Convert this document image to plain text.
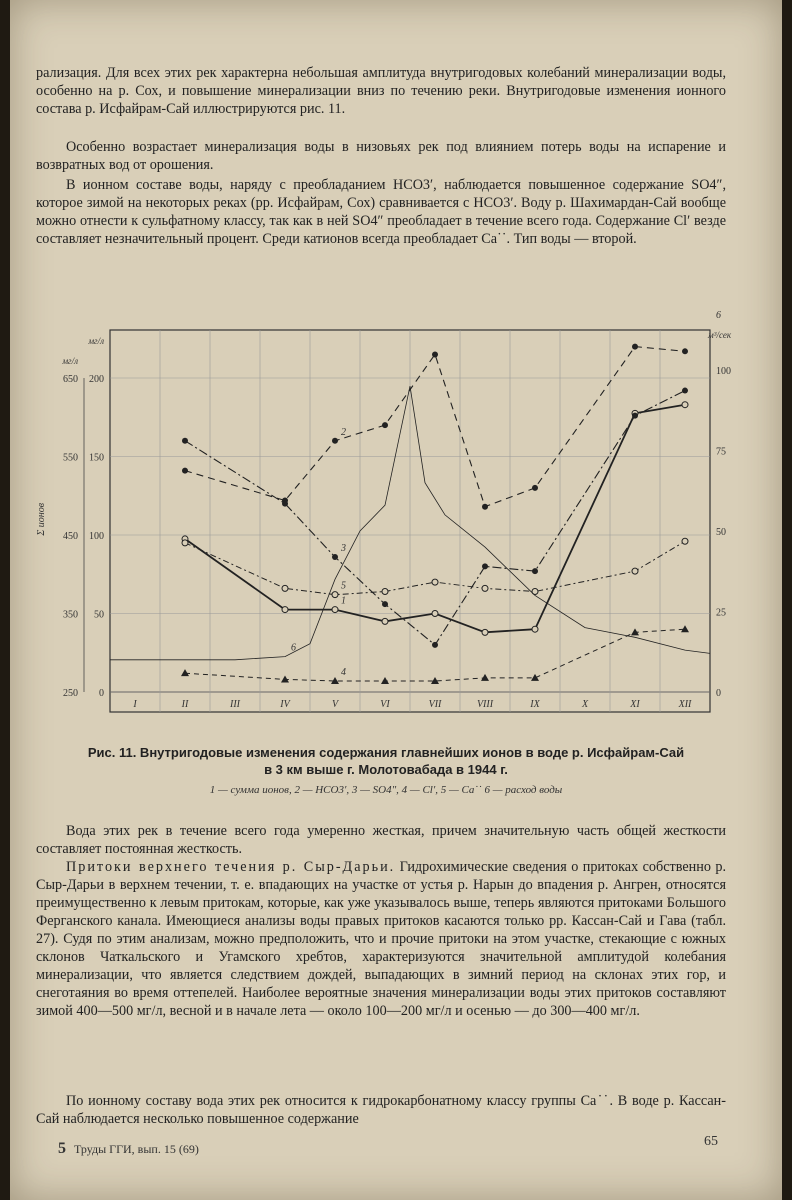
рализация. Для всех этих рек характерна небольшая амплитуда внутригодовых колебаний минерализации воды, особенно на р. Сох, и повышение минерализации вниз по течению реки. Внутригодовые изменения ионного состава р. Исфайрам-Сай иллюстрируются рис. 11.

Особенно возрастает минерализация воды в низовьях рек под влиянием потерь воды на испарение и возвратных вод от орошения.

В ионном составе воды, наряду с преобладанием HCO3′, наблюдается повышенное содержание SO4″, которое зимой на некоторых реках (рр. Исфайрам, Сох) сравнивается с HCO3′. Воду р. Шахимардан-Сай вообще можно отнести к сульфатному классу, так как в ней SO4″ преобладает в течение всего года. Содержание Cl′ везде составляет незначительный процент. Среди катионов всегда преобладает Ca˙˙. Тип воды — второй.

I	II	III	IV	V	VI	VII	VIII	IX	X	XI	XII
200
150
100
50
0
мг/л
650
550
450
350
250
мг/л
Σ ионов
100
75
50
25
0
м³/сек
6
1
2
3
4
5
6
Рис. 11. Внутригодовые изменения содержания главнейших ионов в воде р. Исфайрам-Сай
в 3 км выше г. Молотовабада в 1944 г.
1 — сумма ионов, 2 — HCO3′, 3 — SO4″, 4 — Cl′, 5 — Ca˙˙ 6 — расход воды

Вода этих рек в течение всего года умеренно жесткая, причем значительную часть общей жесткости составляет постоянная жесткость.

Притоки верхнего течения р. Сыр-Дарьи. Гидрохимические сведения о притоках собственно р. Сыр-Дарьи в верхнем течении, т. е. впадающих на участке от устья р. Нарын до впадения р. Ангрен, относятся преимущественно к левым притокам, которые, как уже указывалось выше, теперь являются притоками Большого Ферганского канала. Имеющиеся анализы воды правых притоков касаются только рр. Кассан-Сай и Гава (табл. 27). Судя по этим анализам, можно предположить, что и прочие притоки на этом участке, стекающие с южных склонов Чаткальского и Угамского хребтов, характеризуются значительной амплитудой колебания минерализации, что является следствием дождей, выпадающих в зимний период на склонах этих гор, и снеготаяния во время оттепелей. Наиболее вероятные значения минерализации воды этих притоков составляют зимой 400—500 мг/л, весной и в начале лета — около 100—200 мг/л и осенью — до 300—400 мг/л.

По ионному составу вода этих рек относится к гидрокарбонатному классу группы Ca˙˙. В воде р. Кассан-Сай наблюдается несколько повышенное содержание

5 Труды ГГИ, вып. 15 (69)	65
